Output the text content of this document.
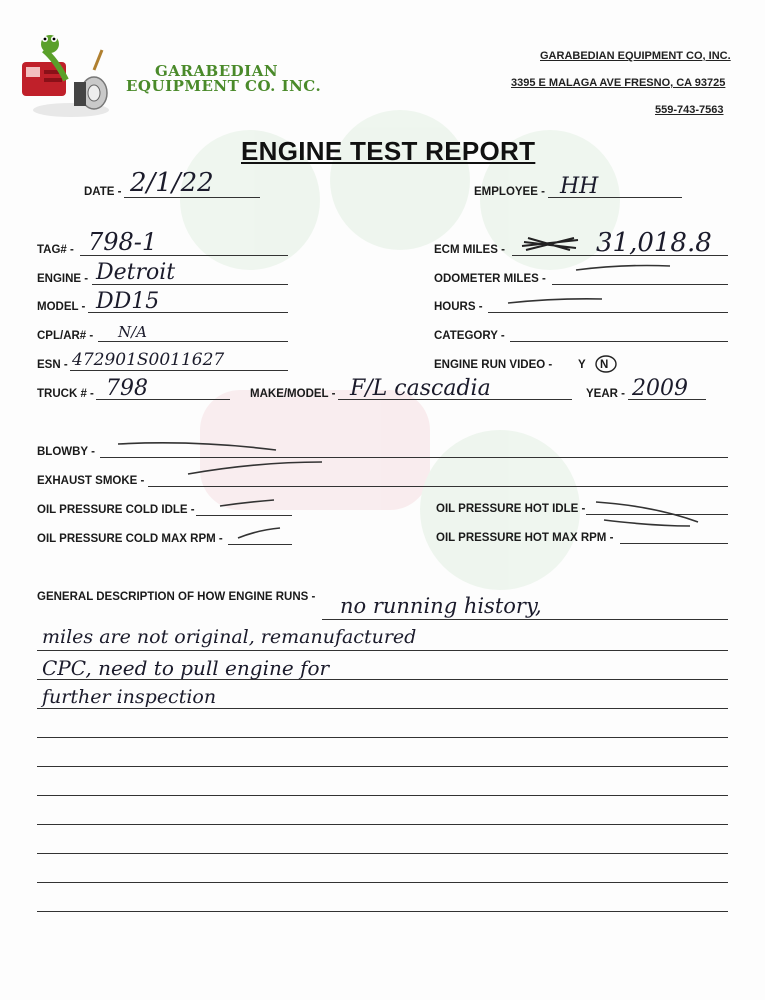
GARABEDIAN
EQUIPMENT CO. INC.
GARABEDIAN EQUIPMENT CO, INC.
3395 E MALAGA AVE FRESNO, CA 93725
559-743-7563
ENGINE TEST REPORT
DATE - 2/1/22	EMPLOYEE - HH
TAG# - 798-1	ECM MILES -	31,018.8
ENGINE - Detroit	ODOMETER MILES -
MODEL - DD15	HOURS -
CPL/AR# - N/A	CATEGORY -
ESN - 472901S0011627	ENGINE RUN VIDEO - Y N
TRUCK # - 798	MAKE/MODEL - F/L cascadia	YEAR - 2009
BLOWBY -
EXHAUST SMOKE -
OIL PRESSURE COLD IDLE -	OIL PRESSURE HOT IDLE -
OIL PRESSURE COLD MAX RPM -	OIL PRESSURE HOT MAX RPM -
GENERAL DESCRIPTION OF HOW ENGINE RUNS - no running history,
miles are not original, remanufactured
CPC, need to pull engine for
further inspection
